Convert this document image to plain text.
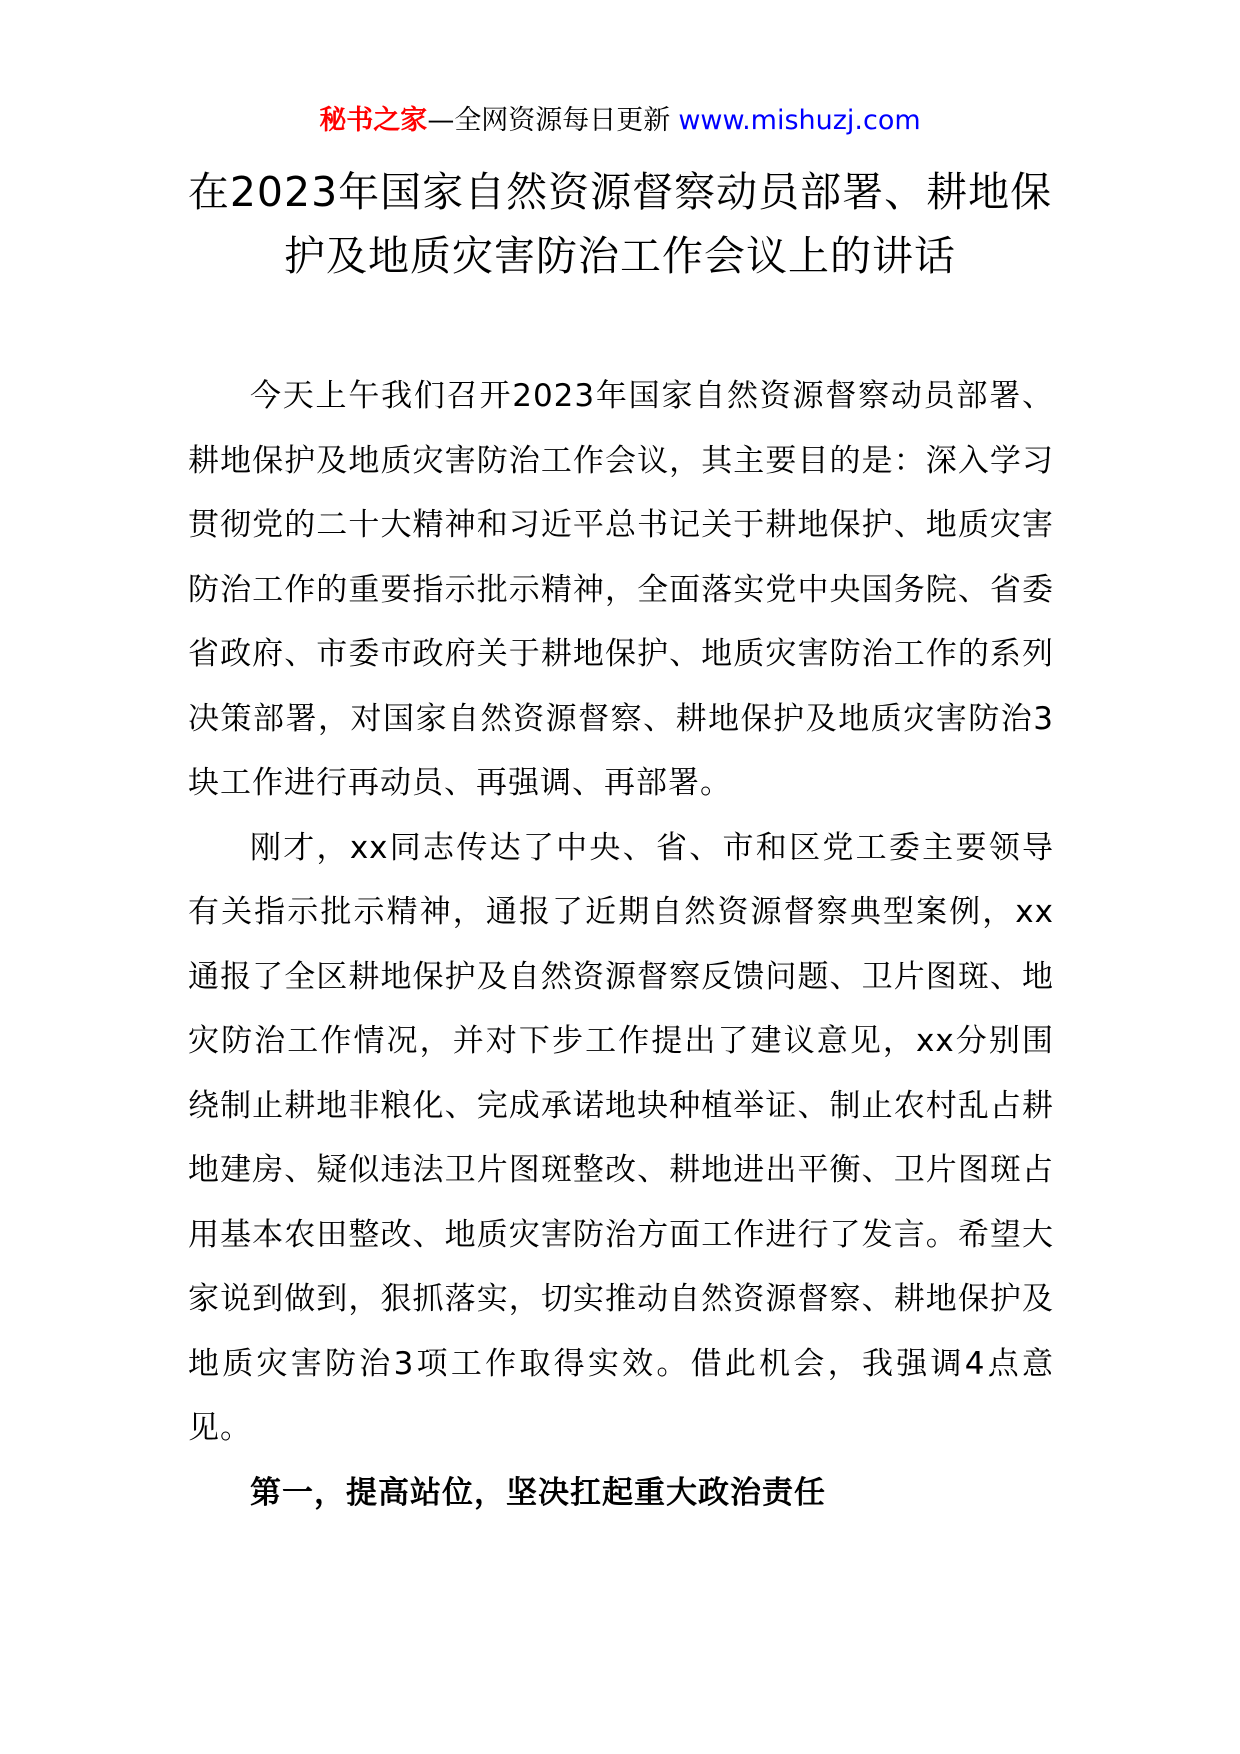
秘书之家—全网资源每日更新 www.mishuzj.com
在2023年国家自然资源督察动员部署、耕地保护及地质灾害防治工作会议上的讲话

今天上午我们召开2023年国家自然资源督察动员部署、耕地保护及地质灾害防治工作会议，其主要目的是：深入学习贯彻党的二十大精神和习近平总书记关于耕地保护、地质灾害防治工作的重要指示批示精神，全面落实党中央国务院、省委省政府、市委市政府关于耕地保护、地质灾害防治工作的系列决策部署，对国家自然资源督察、耕地保护及地质灾害防治3块工作进行再动员、再强调、再部署。

刚才，xx同志传达了中央、省、市和区党工委主要领导有关指示批示精神，通报了近期自然资源督察典型案例，xx通报了全区耕地保护及自然资源督察反馈问题、卫片图斑、地灾防治工作情况，并对下步工作提出了建议意见，xx分别围绕制止耕地非粮化、完成承诺地块种植举证、制止农村乱占耕地建房、疑似违法卫片图斑整改、耕地进出平衡、卫片图斑占用基本农田整改、地质灾害防治方面工作进行了发言。希望大家说到做到，狠抓落实，切实推动自然资源督察、耕地保护及地质灾害防治3项工作取得实效。借此机会，我强调4点意见。

第一，提高站位，坚决扛起重大政治责任
